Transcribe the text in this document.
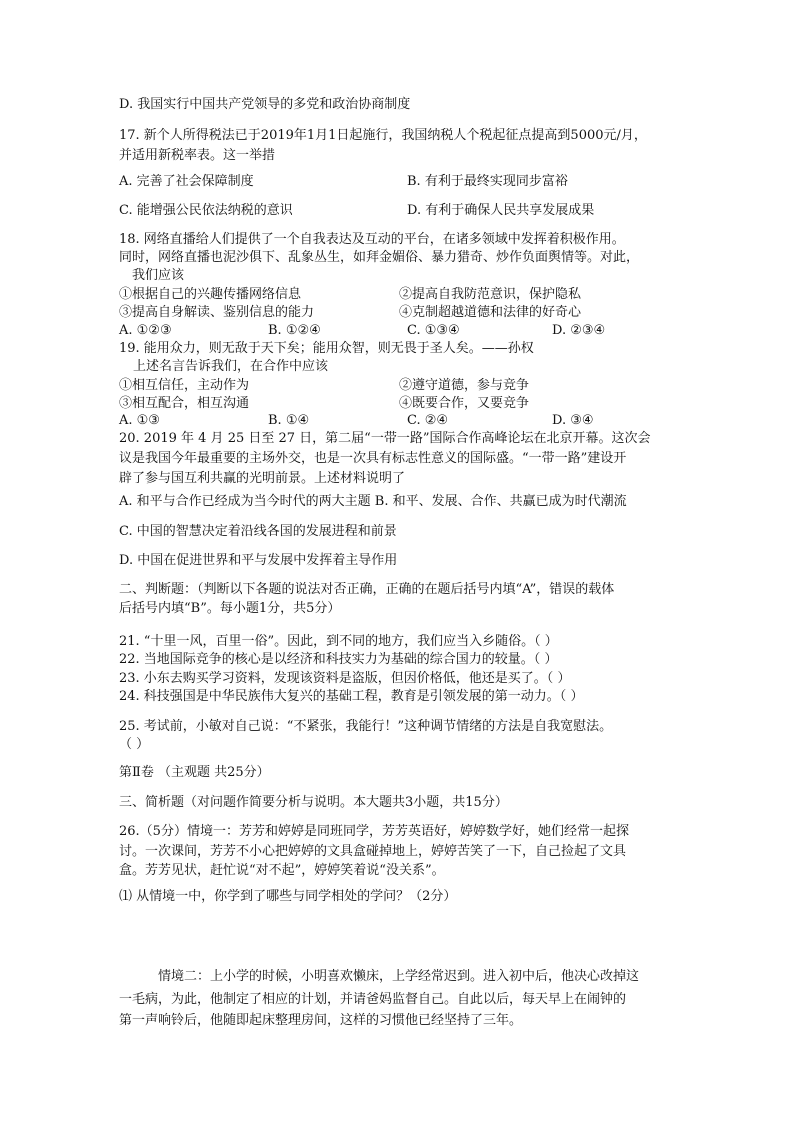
D. 我国实行中国共产党领导的多党和政治协商制度
17. 新个人所得税法已于2019年1月1日起施行，我国纳税人个税起征点提高到5000元/月，
并适用新税率表。这一举措
A. 完善了社会保障制度	B. 有利于最终实现同步富裕
C. 能增强公民依法纳税的意识	D. 有利于确保人民共享发展成果
18. 网络直播给人们提供了一个自我表达及互动的平台，在诸多领域中发挥着积极作用。
同时，网络直播也泥沙俱下、乱象丛生，如拜金媚俗、暴力猎奇、炒作负面舆情等。对此，
我们应该
①根据自己的兴趣传播网络信息	②提高自我防范意识，保护隐私
③提高自身解读、鉴别信息的能力	④克制超越道德和法律的好奇心
A. ①②③	B. ①②④	C. ①③④	D. ②③④
19. 能用众力，则无敌于天下矣；能用众智，则无畏于圣人矣。——孙权
上述名言告诉我们，在合作中应该
①相互信任，主动作为	②遵守道德，参与竞争
③相互配合，相互沟通	④既要合作，又要竞争
A. ①③	B. ①④	C. ②④	D. ③④
20. 2019 年 4 月 25 日至 27 日，第二届“一带一路”国际合作高峰论坛在北京开幕。这次会
议是我国今年最重要的主场外交，也是一次具有标志性意义的国际盛。“一带一路”建设开
辟了参与国互利共赢的光明前景。上述材料说明了
A. 和平与合作已经成为当今时代的两大主题 B. 和平、发展、合作、共赢已成为时代潮流
C. 中国的智慧决定着沿线各国的发展进程和前景
D. 中国在促进世界和平与发展中发挥着主导作用
二、判断题：（判断以下各题的说法对否正确，正确的在题后括号内填“A”，错误的载体
后括号内填“B”。每小题1分，共5分）
21. “十里一风，百里一俗”。因此，到不同的地方，我们应当入乡随俗。（ ）
22. 当地国际竞争的核心是以经济和科技实力为基础的综合国力的较量。（ ）
23. 小东去购买学习资料，发现该资料是盗版，但因价格低，他还是买了。（ ）
24. 科技强国是中华民族伟大复兴的基础工程，教育是引领发展的第一动力。（ ）
25. 考试前，小敏对自己说：“不紧张，我能行！”这种调节情绪的方法是自我宽慰法。
（ ）
第Ⅱ卷 （主观题 共25分）
三、简析题（对问题作简要分析与说明。本大题共3小题，共15分）
26.（5分）情境一：芳芳和婷婷是同班同学，芳芳英语好，婷婷数学好，她们经常一起探
讨。一次课间，芳芳不小心把婷婷的文具盒碰掉地上，婷婷苦笑了一下，自己捡起了文具
盒。芳芳见状，赶忙说“对不起”，婷婷笑着说“没关系”。
⑴ 从情境一中，你学到了哪些与同学相处的学问？（2分）
情境二：上小学的时候，小明喜欢懒床，上学经常迟到。进入初中后，他决心改掉这
一毛病，为此，他制定了相应的计划，并请爸妈监督自己。自此以后，每天早上在闹钟的
第一声响铃后，他随即起床整理房间，这样的习惯他已经坚持了三年。
